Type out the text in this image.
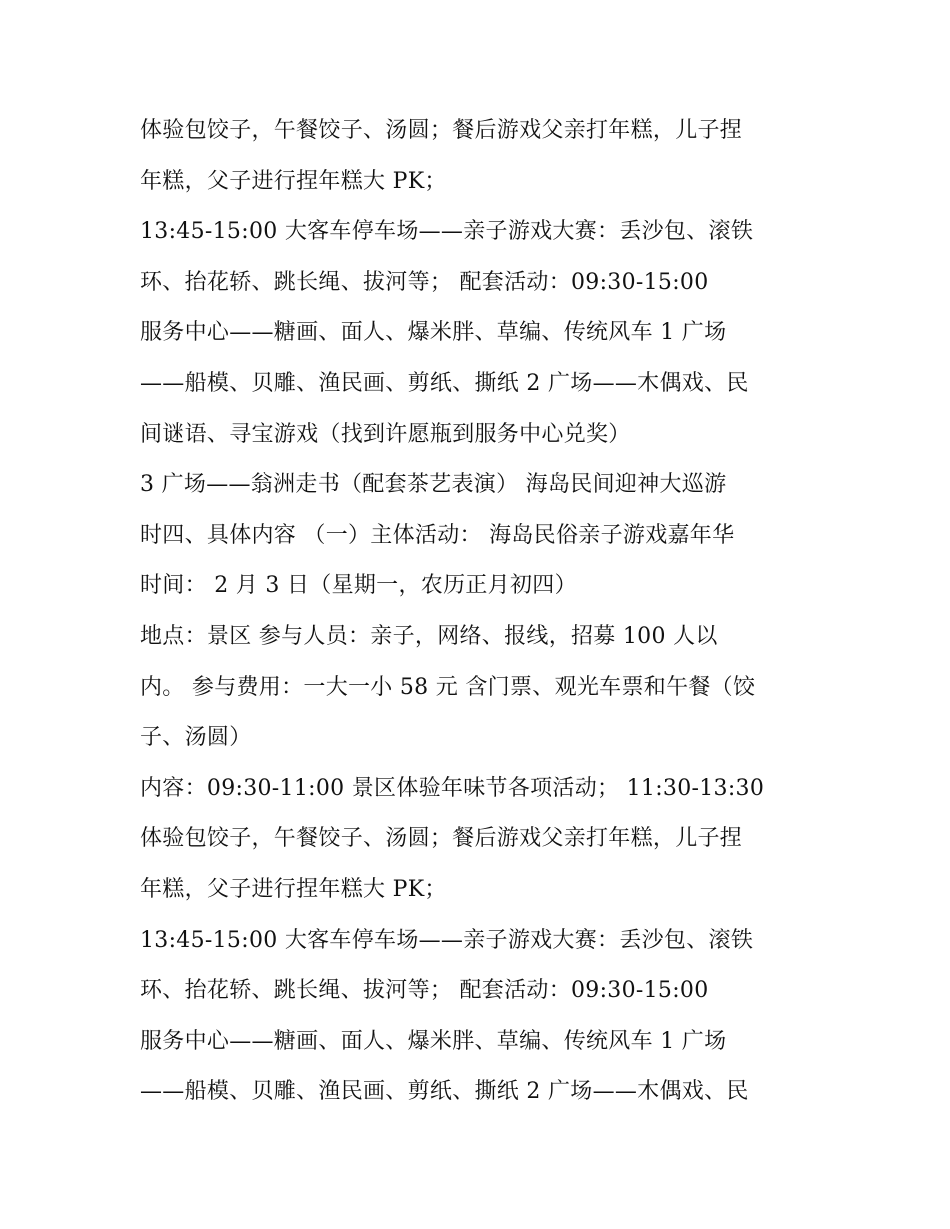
体验包饺子，午餐饺子、汤圆；餐后游戏父亲打年糕，儿子捏
年糕，父子进行捏年糕大 PK；
13:45-15:00 大客车停车场——亲子游戏大赛：丢沙包、滚铁
环、抬花轿、跳长绳、拔河等； 配套活动：09:30-15:00
服务中心——糖画、面人、爆米胖、草编、传统风车 1 广场
——船模、贝雕、渔民画、剪纸、撕纸 2 广场——木偶戏、民
间谜语、寻宝游戏（找到许愿瓶到服务中心兑奖）
3 广场——翁洲走书（配套茶艺表演） 海岛民间迎神大巡游
时四、具体内容 （一）主体活动： 海岛民俗亲子游戏嘉年华
时间： 2 月 3 日（星期一，农历正月初四）
地点：景区 参与人员：亲子，网络、报线，招募 100 人以
内。 参与费用：一大一小 58 元 含门票、观光车票和午餐（饺
子、汤圆）
内容：09:30-11:00 景区体验年味节各项活动； 11:30-13:30
体验包饺子，午餐饺子、汤圆；餐后游戏父亲打年糕，儿子捏
年糕，父子进行捏年糕大 PK；
13:45-15:00 大客车停车场——亲子游戏大赛：丢沙包、滚铁
环、抬花轿、跳长绳、拔河等； 配套活动：09:30-15:00
服务中心——糖画、面人、爆米胖、草编、传统风车 1 广场
——船模、贝雕、渔民画、剪纸、撕纸 2 广场——木偶戏、民
